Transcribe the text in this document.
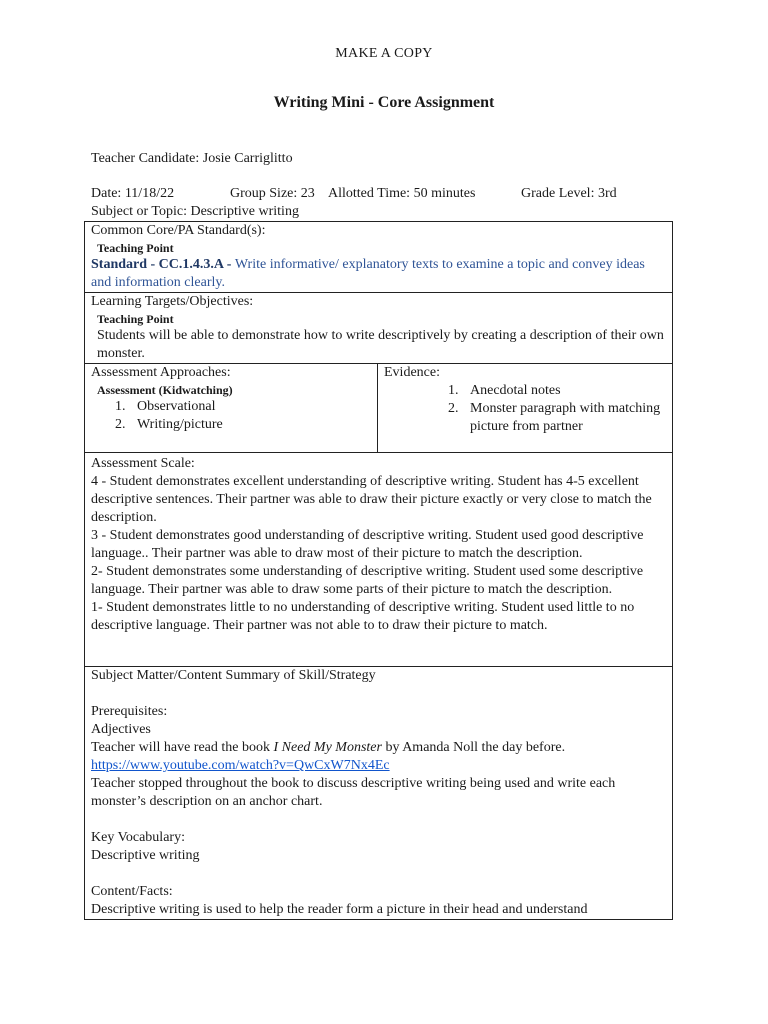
MAKE A COPY
Writing Mini - Core Assignment
Teacher Candidate: Josie Carriglitto
Date: 11/18/22	Group Size: 23 Allotted Time: 50 minutes	Grade Level: 3rd
Subject or Topic: Descriptive writing
Common Core/PA Standard(s):
Teaching Point
Standard - CC.1.4.3.A - Write informative/ explanatory texts to examine a topic and convey ideas and information clearly.

Learning Targets/Objectives:
Teaching Point
Students will be able to demonstrate how to write descriptively by creating a description of their own monster.

Assessment Approaches:
Assessment (Kidwatching)
1. Observational
2. Writing/picture

Evidence:
1. Anecdotal notes
2. Monster paragraph with matching picture from partner

Assessment Scale:
4 - Student demonstrates excellent understanding of descriptive writing. Student has 4-5 excellent descriptive sentences. Their partner was able to draw their picture exactly or very close to match the description.
3 - Student demonstrates good understanding of descriptive writing. Student used good descriptive language.. Their partner was able to draw most of their picture to match the description.
2- Student demonstrates some understanding of descriptive writing. Student used some descriptive language. Their partner was able to draw some parts of their picture to match the description.
1- Student demonstrates little to no understanding of descriptive writing. Student used little to no descriptive language. Their partner was not able to to draw their picture to match.

Subject Matter/Content Summary of Skill/Strategy
Prerequisites:
Adjectives
Teacher will have read the book I Need My Monster by Amanda Noll the day before.
https://www.youtube.com/watch?v=QwCxW7Nx4Ec
Teacher stopped throughout the book to discuss descriptive writing being used and write each monster’s description on an anchor chart.
Key Vocabulary:
Descriptive writing
Content/Facts:
Descriptive writing is used to help the reader form a picture in their head and understand
